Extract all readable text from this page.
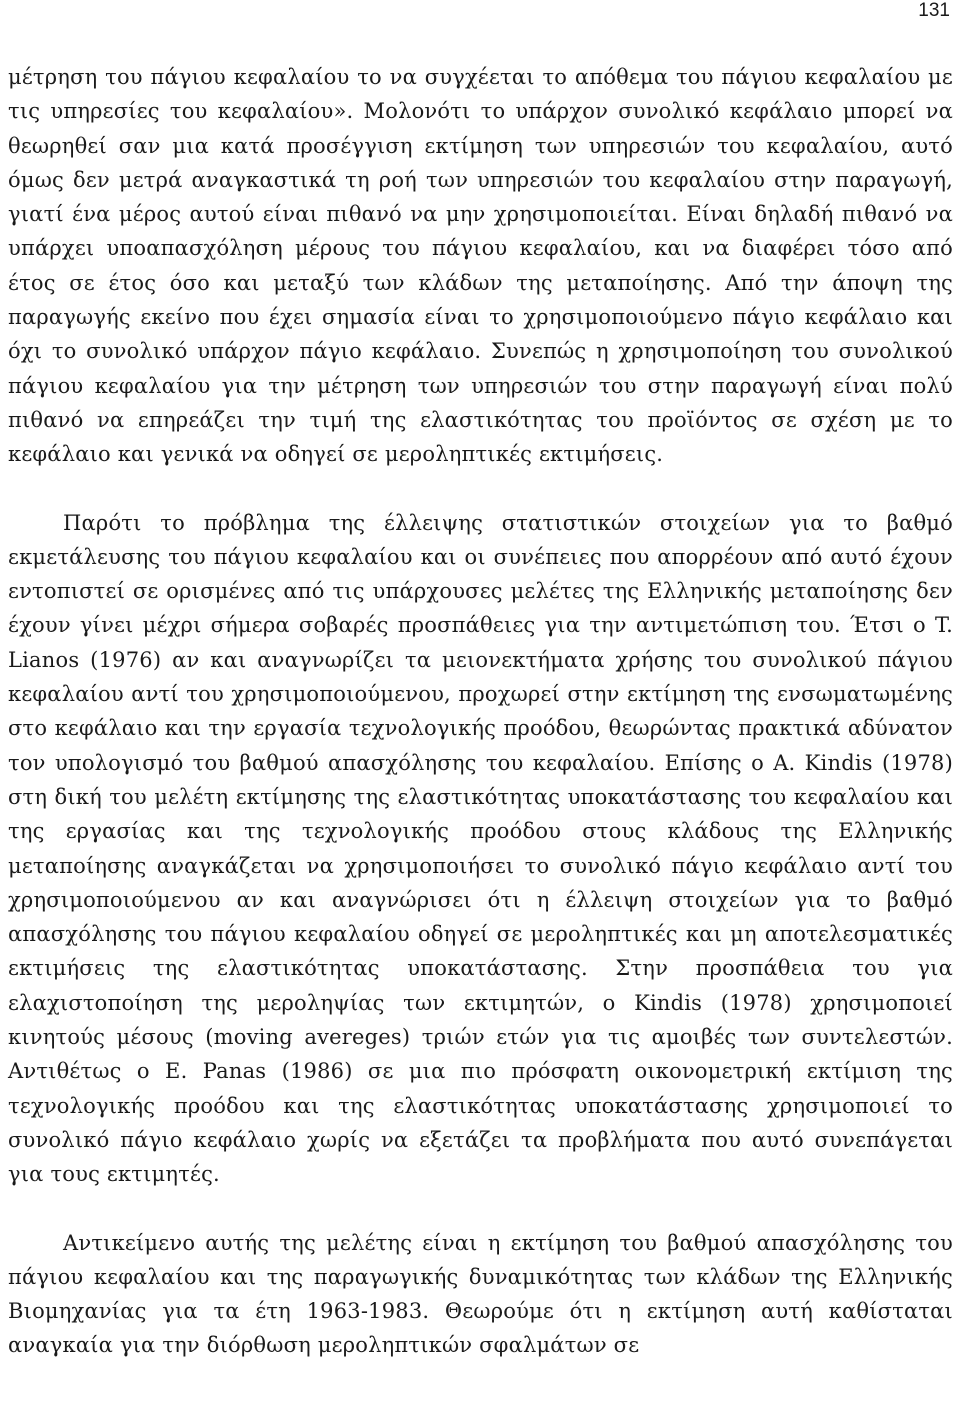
131

μέτρηση του πάγιου κεφαλαίου το να συγχέεται το απόθεμα του πάγιου κεφαλαίου με τις υπηρεσίες του κεφαλαίου». Μολονότι το υπάρχον συνολικό κεφάλαιο μπορεί να θεωρηθεί σαν μια κατά προσέγγιση εκτίμηση των υπηρεσιών του κεφαλαίου, αυτό όμως δεν μετρά αναγκαστικά τη ροή των υπηρεσιών του κεφαλαίου στην παραγωγή, γιατί ένα μέρος αυτού είναι πιθανό να μην χρησιμοποιείται. Είναι δηλαδή πιθανό να υπάρχει υποαπασχόληση μέρους του πάγιου κεφαλαίου, και να διαφέρει τόσο από έτος σε έτος όσο και μεταξύ των κλάδων της μεταποίησης. Από την άποψη της παραγωγής εκείνο που έχει σημασία είναι το χρησιμοποιούμενο πάγιο κεφάλαιο και όχι το συνολικό υπάρχον πάγιο κεφάλαιο. Συνεπώς η χρησιμοποίηση του συνολικού πάγιου κεφαλαίου για την μέτρηση των υπηρεσιών του στην παραγωγή είναι πολύ πιθανό να επηρεάζει την τιμή της ελαστικότητας του προϊόντος σε σχέση με το κεφάλαιο και γενικά να οδηγεί σε μεροληπτικές εκτιμήσεις.

Παρότι το πρόβλημα της έλλειψης στατιστικών στοιχείων για το βαθμό εκμετάλευσης του πάγιου κεφαλαίου και οι συνέπειες που απορρέουν από αυτό έχουν εντοπιστεί σε ορισμένες από τις υπάρχουσες μελέτες της Ελληνικής μεταποίησης δεν έχουν γίνει μέχρι σήμερα σοβαρές προσπάθειες για την αντιμετώπιση του. Έτσι ο T. Lianos (1976) αν και αναγνωρίζει τα μειονεκτήματα χρήσης του συνολικού πάγιου κεφαλαίου αντί του χρησιμοποιούμενου, προχωρεί στην εκτίμηση της ενσωματωμένης στο κεφάλαιο και την εργασία τεχνολογικής προόδου, θεωρώντας πρακτικά αδύνατον τον υπολογισμό του βαθμού απασχόλησης του κεφαλαίου. Επίσης ο A. Kindis (1978) στη δική του μελέτη εκτίμησης της ελαστικότητας υποκατάστασης του κεφαλαίου και της εργασίας και της τεχνολογικής προόδου στους κλάδους της Ελληνικής μεταποίησης αναγκάζεται να χρησιμοποιήσει το συνολικό πάγιο κεφάλαιο αντί του χρησιμοποιούμενου αν και αναγνώρισει ότι η έλλειψη στοιχείων για το βαθμό απασχόλησης του πάγιου κεφαλαίου οδηγεί σε μεροληπτικές και μη αποτελεσματικές εκτιμήσεις της ελαστικότητας υποκατάστασης. Στην προσπάθεια του για ελαχιστοποίηση της μεροληψίας των εκτιμητών, ο Kindis (1978) χρησιμοποιεί κινητούς μέσους (moving avereges) τριών ετών για τις αμοιβές των συντελεστών. Αντιθέτως ο E. Panas (1986) σε μια πιο πρόσφατη οικονομετρική εκτίμιση της τεχνολογικής προόδου και της ελαστικότητας υποκατάστασης χρησιμοποιεί το συνολικό πάγιο κεφάλαιο χωρίς να εξετάζει τα προβλήματα που αυτό συνεπάγεται για τους εκτιμητές.

Αντικείμενο αυτής της μελέτης είναι η εκτίμηση του βαθμού απασχόλησης του πάγιου κεφαλαίου και της παραγωγικής δυναμικότητας των κλάδων της Ελληνικής Βιομηχανίας για τα έτη 1963-1983. Θεωρούμε ότι η εκτίμηση αυτή καθίσταται αναγκαία για την διόρθωση μεροληπτικών σφαλμάτων σε
